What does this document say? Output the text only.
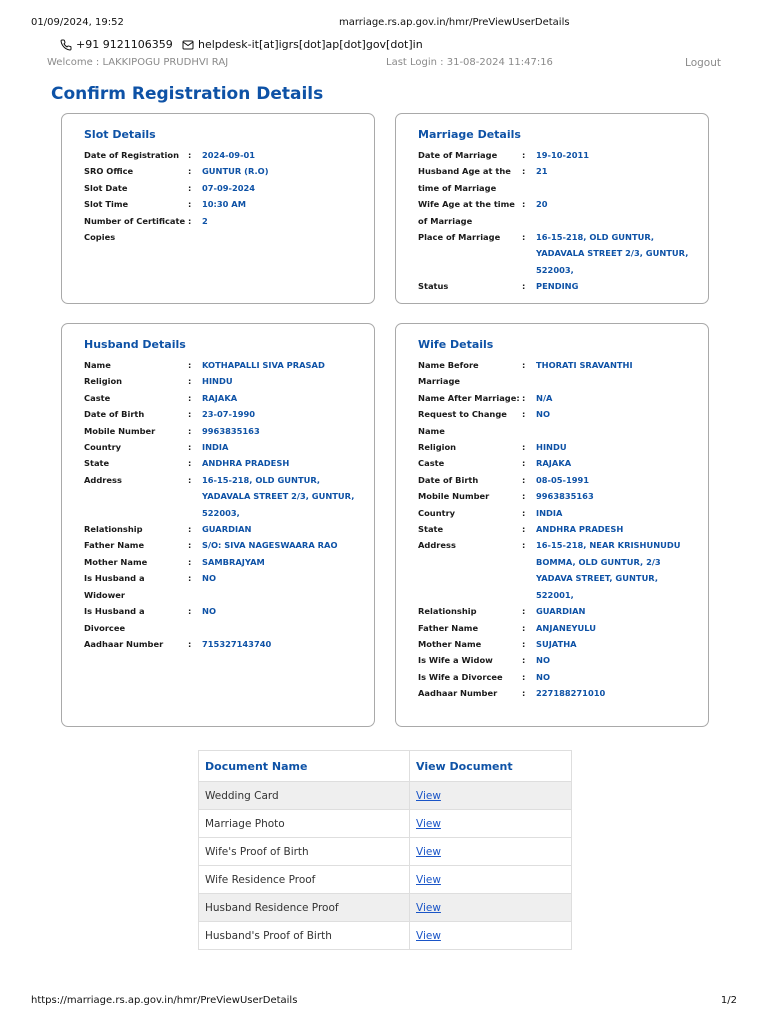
01/09/2024, 19:52	marriage.rs.ap.gov.in/hmr/PreViewUserDetails
+91 9121106359 helpdesk-it[at]igrs[dot]ap[dot]gov[dot]in
Welcome : LAKKIPOGU PRUDHVI RAJ	Last Login : 31-08-2024 11:47:16	Logout
Confirm Registration Details
Slot Details
Date of Registration	:	2024-09-01
SRO Office	:	GUNTUR (R.O)
Slot Date	:	07-09-2024
Slot Time	:	10:30 AM
Number of Certificate Copies
:	2
Marriage Details
Date of Marriage	:	19-10-2011
Husband Age at the time of Marriage
:	21
Wife Age at the time of Marriage
:	20
Place of Marriage	:	16-15-218, OLD GUNTUR, YADAVALA STREET 2/3, GUNTUR, 522003,
Status	:	PENDING
Husband Details
Name	:	KOTHAPALLI SIVA PRASAD
Religion	:	HINDU
Caste	:	RAJAKA
Date of Birth	:	23-07-1990
Mobile Number	:	9963835163
Country	:	INDIA
State	:	ANDHRA PRADESH
Address	:	16-15-218, OLD GUNTUR, YADAVALA STREET 2/3, GUNTUR, 522003,
Relationship	:	GUARDIAN
Father Name	:	S/O: SIVA NAGESWAARA RAO
Mother Name	:	SAMBRAJYAM
Is Husband a Widower
:	NO
Is Husband a Divorcee
:	NO
Aadhaar Number	:	715327143740
Wife Details
Name Before Marriage
:	THORATI SRAVANTHI
Name After Marriage: :	N/A
Request to Change Name
:	NO
Religion	:	HINDU
Caste	:	RAJAKA
Date of Birth	:	08-05-1991
Mobile Number	:	9963835163
Country	:	INDIA
State	:	ANDHRA PRADESH
Address	:	16-15-218, NEAR KRISHUNUDU BOMMA, OLD GUNTUR, 2/3 YADAVA STREET, GUNTUR, 522001,
Relationship	:	GUARDIAN
Father Name	:	ANJANEYULU
Mother Name	:	SUJATHA
Is Wife a Widow	:	NO
Is Wife a Divorcee	:	NO
Aadhaar Number	:	227188271010
Document Name	View Document
Wedding Card	View
Marriage Photo	View
Wife's Proof of Birth	View
Wife Residence Proof	View
Husband Residence Proof	View
Husband's Proof of Birth	View
https://marriage.rs.ap.gov.in/hmr/PreViewUserDetails	1/2
